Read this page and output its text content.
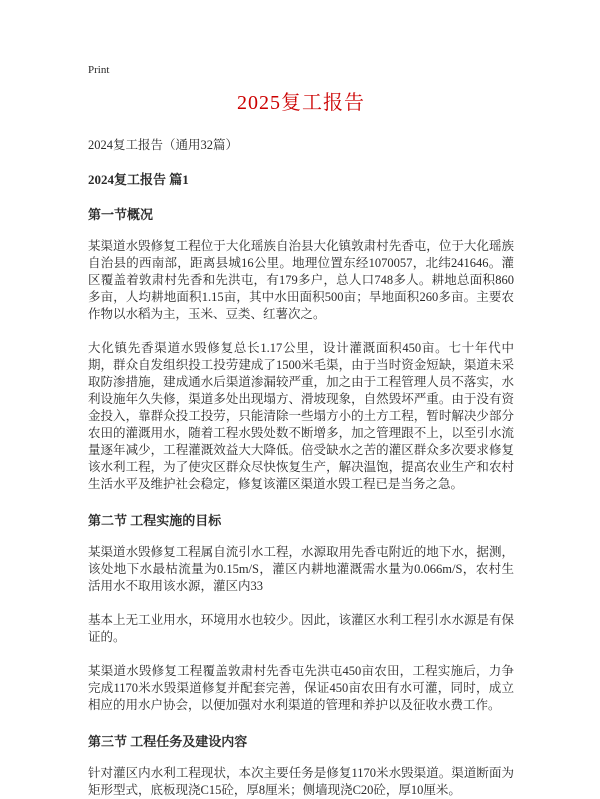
Print
2025复工报告
2024复工报告（通用32篇）
2024复工报告 篇1
第一节概况

某渠道水毁修复工程位于大化瑶族自治县大化镇敦肃村先香屯，位于大化瑶族自治县的西南部，距离县城16公里。地理位置东经1070057，北纬241646。灌区覆盖着敦肃村先香和先洪屯，有179多户，总人口748多人。耕地总面积860多亩，人均耕地面积1.15亩，其中水田面积500亩；旱地面积260多亩。主要农作物以水稻为主，玉米、豆类、红薯次之。

大化镇先香渠道水毁修复总长1.17公里，设计灌溉面积450亩。七十年代中期，群众自发组织投工投劳建成了1500米毛渠，由于当时资金短缺，渠道未采取防渗措施，建成通水后渠道渗漏较严重，加之由于工程管理人员不落实，水利设施年久失修，渠道多处出现塌方、滑坡现象，自然毁坏严重。由于没有资金投入，靠群众投工投劳，只能清除一些塌方小的土方工程，暂时解决少部分农田的灌溉用水，随着工程水毁处数不断增多，加之管理跟不上，以至引水流量逐年减少，工程灌溉效益大大降低。倍受缺水之苦的灌区群众多次要求修复该水利工程，为了使灾区群众尽快恢复生产，解决温饱，提高农业生产和农村生活水平及维护社会稳定，修复该灌区渠道水毁工程已是当务之急。

第二节 工程实施的目标

某渠道水毁修复工程属自流引水工程，水源取用先香屯附近的地下水，据测，该处地下水最枯流量为0.15m/S，灌区内耕地灌溉需水量为0.066m/S，农村生活用水不取用该水源，灌区内33

基本上无工业用水，环境用水也较少。因此，该灌区水利工程引水水源是有保证的。

某渠道水毁修复工程覆盖敦肃村先香屯先洪屯450亩农田，工程实施后，力争完成1170米水毁渠道修复并配套完善，保证450亩农田有水可灌，同时，成立相应的用水户协会，以便加强对水利渠道的管理和养护以及征收水费工作。

第三节 工程任务及建设内容

针对灌区内水利工程现状，本次主要任务是修复1170米水毁渠道。渠道断面为矩形型式，底板现浇C15砼，厚8厘米；侧墙现浇C20砼，厚10厘米。
